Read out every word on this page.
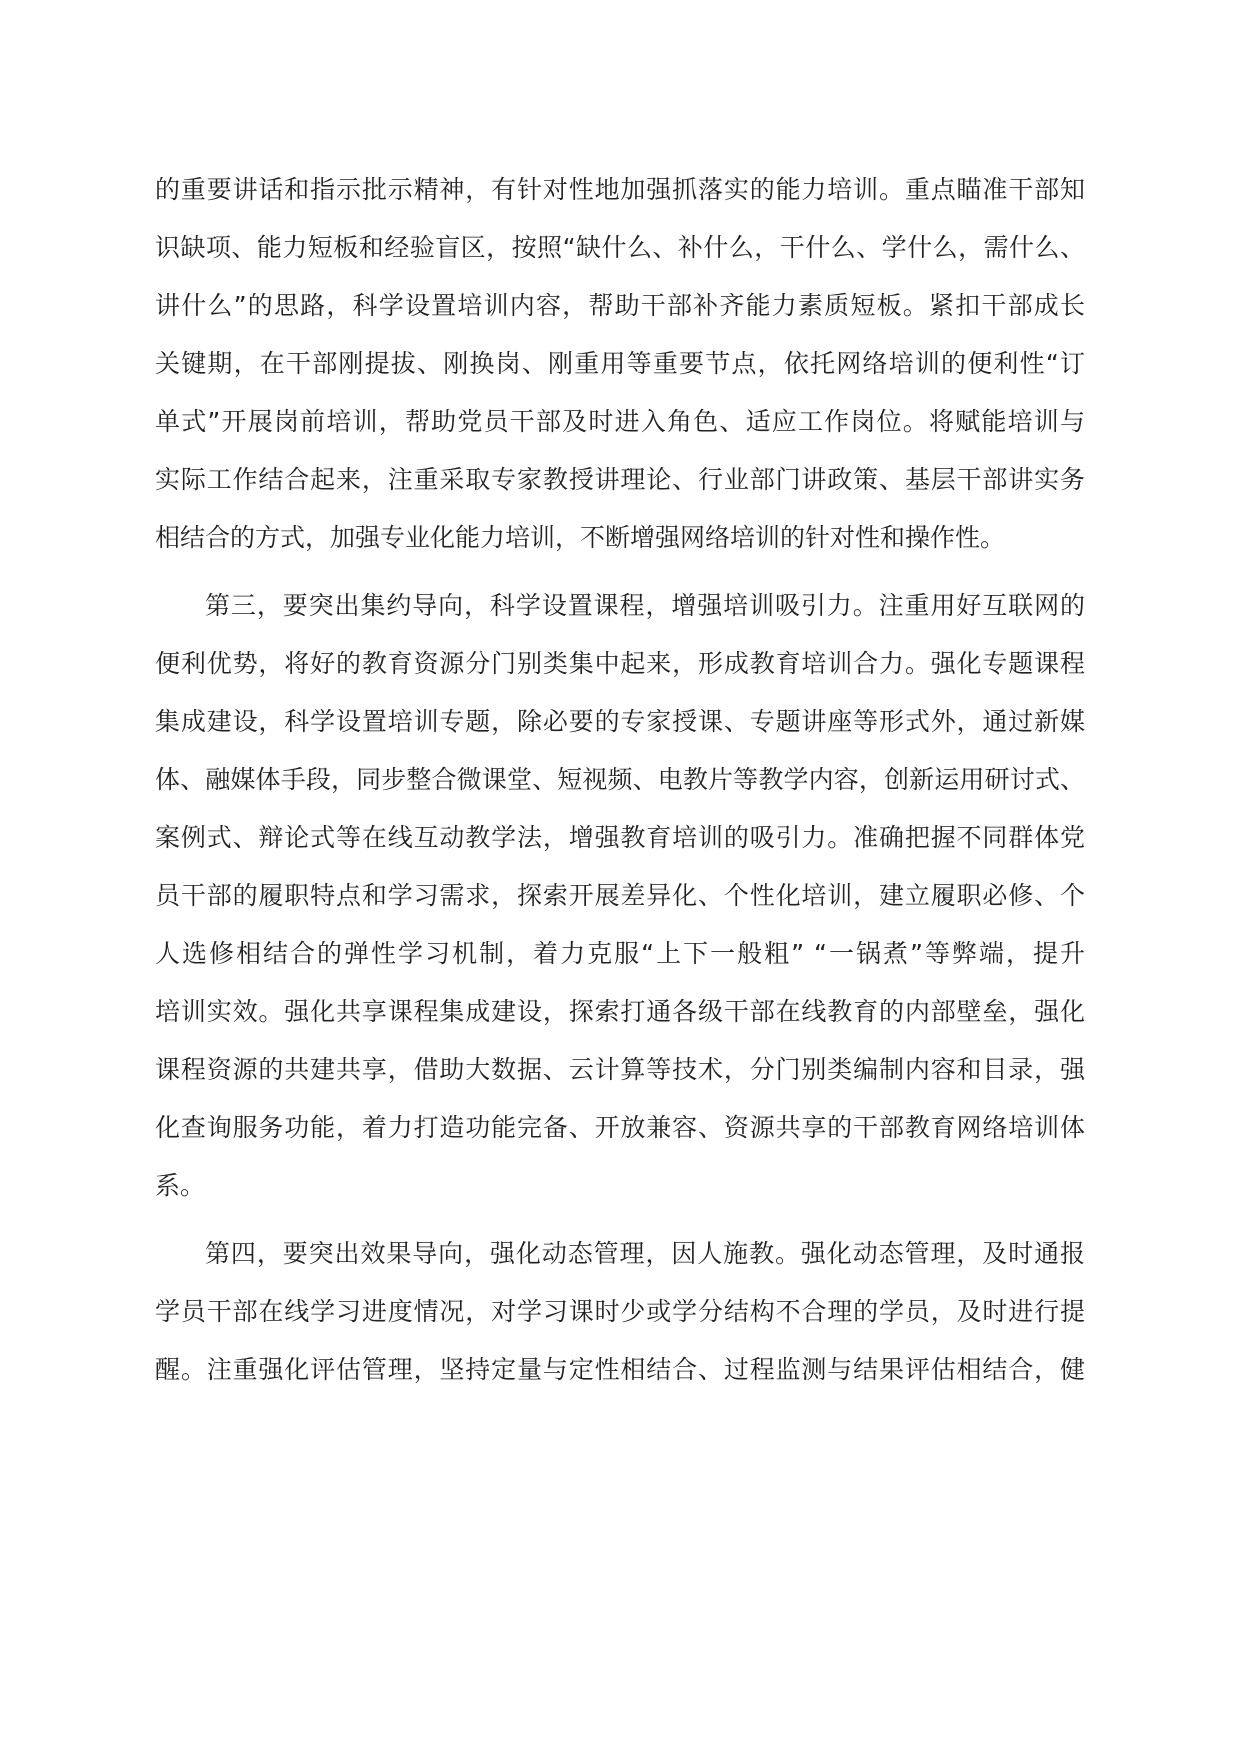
的重要讲话和指示批示精神，有针对性地加强抓落实的能力培训。重点瞄准干部知
识缺项、能力短板和经验盲区，按照“缺什么、补什么，干什么、学什么，需什么、
讲什么”的思路，科学设置培训内容，帮助干部补齐能力素质短板。紧扣干部成长
关键期，在干部刚提拔、刚换岗、刚重用等重要节点，依托网络培训的便利性“订
单式”开展岗前培训，帮助党员干部及时进入角色、适应工作岗位。将赋能培训与
实际工作结合起来，注重采取专家教授讲理论、行业部门讲政策、基层干部讲实务
相结合的方式，加强专业化能力培训，不断增强网络培训的针对性和操作性。
第三，要突出集约导向，科学设置课程，增强培训吸引力。注重用好互联网的
便利优势，将好的教育资源分门别类集中起来，形成教育培训合力。强化专题课程
集成建设，科学设置培训专题，除必要的专家授课、专题讲座等形式外，通过新媒
体、融媒体手段，同步整合微课堂、短视频、电教片等教学内容，创新运用研讨式、
案例式、辩论式等在线互动教学法，增强教育培训的吸引力。准确把握不同群体党
员干部的履职特点和学习需求，探索开展差异化、个性化培训，建立履职必修、个
人选修相结合的弹性学习机制，着力克服“上下一般粗” “一锅煮”等弊端，提升
培训实效。强化共享课程集成建设，探索打通各级干部在线教育的内部壁垒，强化
课程资源的共建共享，借助大数据、云计算等技术，分门别类编制内容和目录，强
化查询服务功能，着力打造功能完备、开放兼容、资源共享的干部教育网络培训体
系。
第四，要突出效果导向，强化动态管理，因人施教。强化动态管理，及时通报
学员干部在线学习进度情况，对学习课时少或学分结构不合理的学员，及时进行提
醒。注重强化评估管理，坚持定量与定性相结合、过程监测与结果评估相结合，健
